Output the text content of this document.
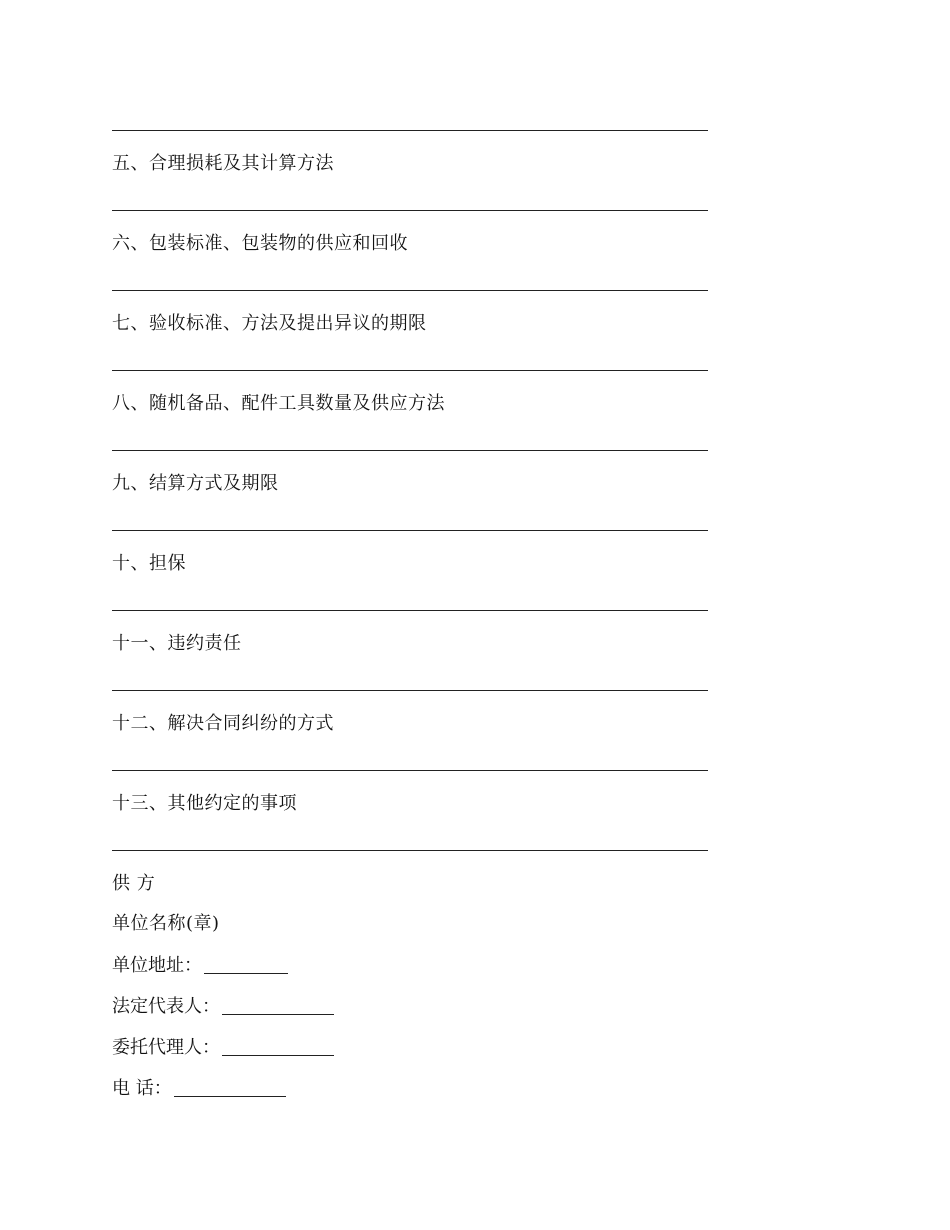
五、合理损耗及其计算方法
六、包装标准、包装物的供应和回收
七、验收标准、方法及提出异议的期限
八、随机备品、配件工具数量及供应方法
九、结算方式及期限
十、担保
十一、违约责任
十二、解决合同纠纷的方式
十三、其他约定的事项
供 方
单位名称(章)
单位地址：
法定代表人：
委托代理人：
电 话：
